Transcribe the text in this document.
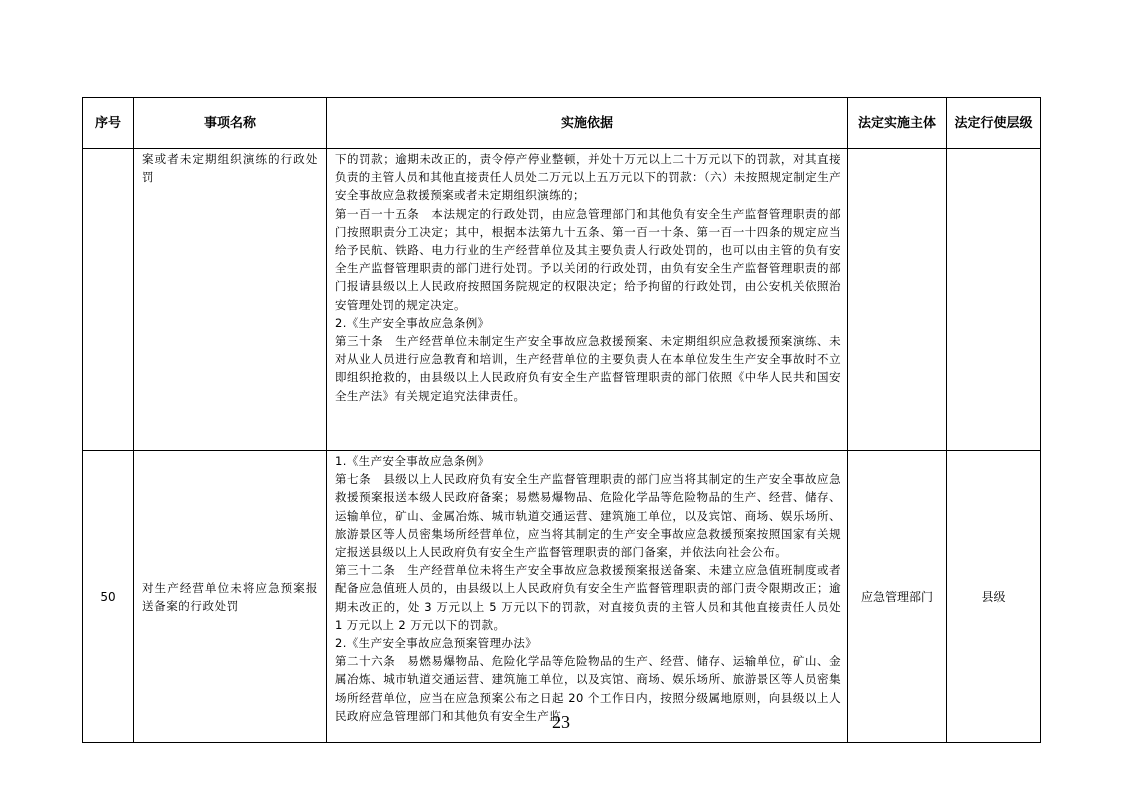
序号	事项名称	实施依据	法定实施主体	法定行使层级
	案或者未定期组织演练的行政处罚	下的罚款；逾期未改正的，责令停产停业整顿，并处十万元以上二十万元以下的罚款，对其直接负责的主管人员和其他直接责任人员处二万元以上五万元以下的罚款：（六）未按照规定制定生产安全事故应急救援预案或者未定期组织演练的；

第一百一十五条　本法规定的行政处罚，由应急管理部门和其他负有安全生产监督管理职责的部门按照职责分工决定；其中，根据本法第九十五条、第一百一十条、第一百一十四条的规定应当给予民航、铁路、电力行业的生产经营单位及其主要负责人行政处罚的，也可以由主管的负有安全生产监督管理职责的部门进行处罚。予以关闭的行政处罚，由负有安全生产监督管理职责的部门报请县级以上人民政府按照国务院规定的权限决定；给予拘留的行政处罚，由公安机关依照治安管理处罚的规定决定。

2.《生产安全事故应急条例》

第三十条　生产经营单位未制定生产安全事故应急救援预案、未定期组织应急救援预案演练、未对从业人员进行应急教育和培训，生产经营单位的主要负责人在本单位发生生产安全事故时不立即组织抢救的，由县级以上人民政府负有安全生产监督管理职责的部门依照《中华人民共和国安全生产法》有关规定追究法律责任。		

50	对生产经营单位未将应急预案报送备案的行政处罚	1.《生产安全事故应急条例》

第七条　县级以上人民政府负有安全生产监督管理职责的部门应当将其制定的生产安全事故应急救援预案报送本级人民政府备案；易燃易爆物品、危险化学品等危险物品的生产、经营、储存、运输单位，矿山、金属冶炼、城市轨道交通运营、建筑施工单位，以及宾馆、商场、娱乐场所、旅游景区等人员密集场所经营单位，应当将其制定的生产安全事故应急救援预案按照国家有关规定报送县级以上人民政府负有安全生产监督管理职责的部门备案，并依法向社会公布。

第三十二条　生产经营单位未将生产安全事故应急救援预案报送备案、未建立应急值班制度或者配备应急值班人员的，由县级以上人民政府负有安全生产监督管理职责的部门责令限期改正；逾期未改正的，处 3 万元以上 5 万元以下的罚款，对直接负责的主管人员和其他直接责任人员处 1 万元以上 2 万元以下的罚款。

2.《生产安全事故应急预案管理办法》

第二十六条　易燃易爆物品、危险化学品等危险物品的生产、经营、储存、运输单位，矿山、金属冶炼、城市轨道交通运营、建筑施工单位，以及宾馆、商场、娱乐场所、旅游景区等人员密集场所经营单位，应当在应急预案公布之日起 20 个工作日内，按照分级属地原则，向县级以上人民政府应急管理部门和其他负有安全生产监	应急管理部门	县级
23
